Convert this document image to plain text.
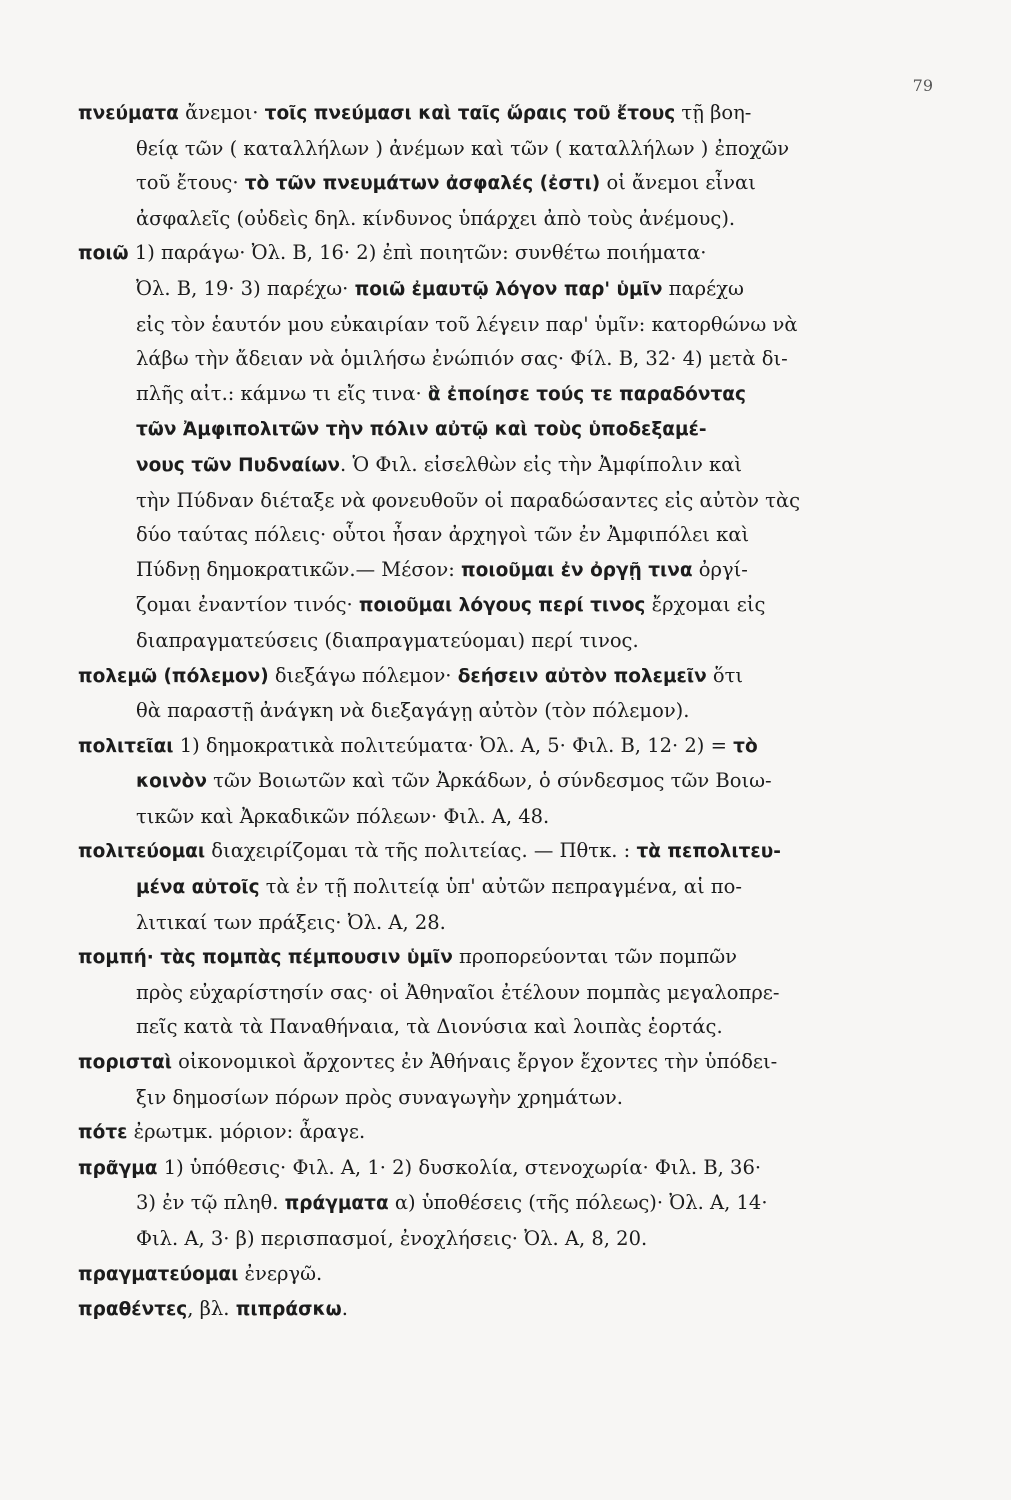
79
πνεύματα ἄνεμοι· τοῖς πνεύμασι καὶ ταῖς ὥραις τοῦ ἔτους τῇ βοη-
θείᾳ τῶν ( καταλλήλων ) ἀνέμων καὶ τῶν ( καταλλήλων ) ἐποχῶν
τοῦ ἔτους· τὸ τῶν πνευμάτων ἀσφαλές (ἐστι) οἱ ἄνεμοι εἶναι
ἀσφαλεῖς (οὐδεὶς δηλ. κίνδυνος ὑπάρχει ἀπὸ τοὺς ἀνέμους).
ποιῶ 1) παράγω· Ὀλ. Β, 16· 2) ἐπὶ ποιητῶν: συνθέτω ποιήματα·
Ὀλ. Β, 19· 3) παρέχω· ποιῶ ἐμαυτῷ λόγον παρ' ὑμῖν παρέχω
εἰς τὸν ἑαυτόν μου εὐκαιρίαν τοῦ λέγειν παρ' ὑμῖν: κατορθώνω νὰ
λάβω τὴν ἄδειαν νὰ ὁμιλήσω ἐνώπιόν σας· Φίλ. Β, 32· 4) μετὰ δι-
πλῆς αἰτ.: κάμνω τι εἴς τινα· ἃ ἐποίησε τούς τε παραδόντας
τῶν Ἀμφιπολιτῶν τὴν πόλιν αὐτῷ καὶ τοὺς ὑποδεξαμέ-
νους τῶν Πυδναίων. Ὁ Φιλ. εἰσελθὼν εἰς τὴν Ἀμφίπολιν καὶ
τὴν Πύδναν διέταξε νὰ φονευθοῦν οἱ παραδώσαντες εἰς αὐτὸν τὰς
δύο ταύτας πόλεις· οὗτοι ἦσαν ἀρχηγοὶ τῶν ἐν Ἀμφιπόλει καὶ
Πύδνῃ δημοκρατικῶν.— Μέσον: ποιοῦμαι ἐν ὀργῇ τινα ὀργί-
ζομαι ἐναντίον τινός· ποιοῦμαι λόγους περί τινος ἔρχομαι εἰς
διαπραγματεύσεις (διαπραγματεύομαι) περί τινος.
πολεμῶ (πόλεμον) διεξάγω πόλεμον· δεήσειν αὐτὸν πολεμεῖν ὅτι
θὰ παραστῇ ἀνάγκη νὰ διεξαγάγῃ αὐτὸν (τὸν πόλεμον).
πολιτεῖαι 1) δημοκρατικὰ πολιτεύματα· Ὀλ. Α, 5· Φιλ. Β, 12· 2) = τὸ
κοινὸν τῶν Βοιωτῶν καὶ τῶν Ἀρκάδων, ὁ σύνδεσμος τῶν Βοιω-
τικῶν καὶ Ἀρκαδικῶν πόλεων· Φιλ. Α, 48.
πολιτεύομαι διαχειρίζομαι τὰ τῆς πολιτείας. — Πθτκ. : τὰ πεπολιτευ-
μένα αὐτοῖς τὰ ἐν τῇ πολιτείᾳ ὑπ' αὐτῶν πεπραγμένα, αἱ πο-
λιτικαί των πράξεις· Ὀλ. Α, 28.
πομπή· τὰς πομπὰς πέμπουσιν ὑμῖν προπορεύονται τῶν πομπῶν
πρὸς εὐχαρίστησίν σας· οἱ Ἀθηναῖοι ἐτέλουν πομπὰς μεγαλοπρε-
πεῖς κατὰ τὰ Παναθήναια, τὰ Διονύσια καὶ λοιπὰς ἑορτάς.
πορισταὶ οἰκονομικοὶ ἄρχοντες ἐν Ἀθήναις ἔργον ἔχοντες τὴν ὑπόδει-
ξιν δημοσίων πόρων πρὸς συναγωγὴν χρημάτων.
πότε ἐρωτμκ. μόριον: ἆραγε.
πρᾶγμα 1) ὑπόθεσις· Φιλ. Α, 1· 2) δυσκολία, στενοχωρία· Φιλ. Β, 36·
3) ἐν τῷ πληθ. πράγματα α) ὑποθέσεις (τῆς πόλεως)· Ὀλ. Α, 14·
Φιλ. Α, 3· β) περισπασμοί, ἐνοχλήσεις· Ὀλ. Α, 8, 20.
πραγματεύομαι ἐνεργῶ.
πραθέντες, βλ. πιπράσκω.
